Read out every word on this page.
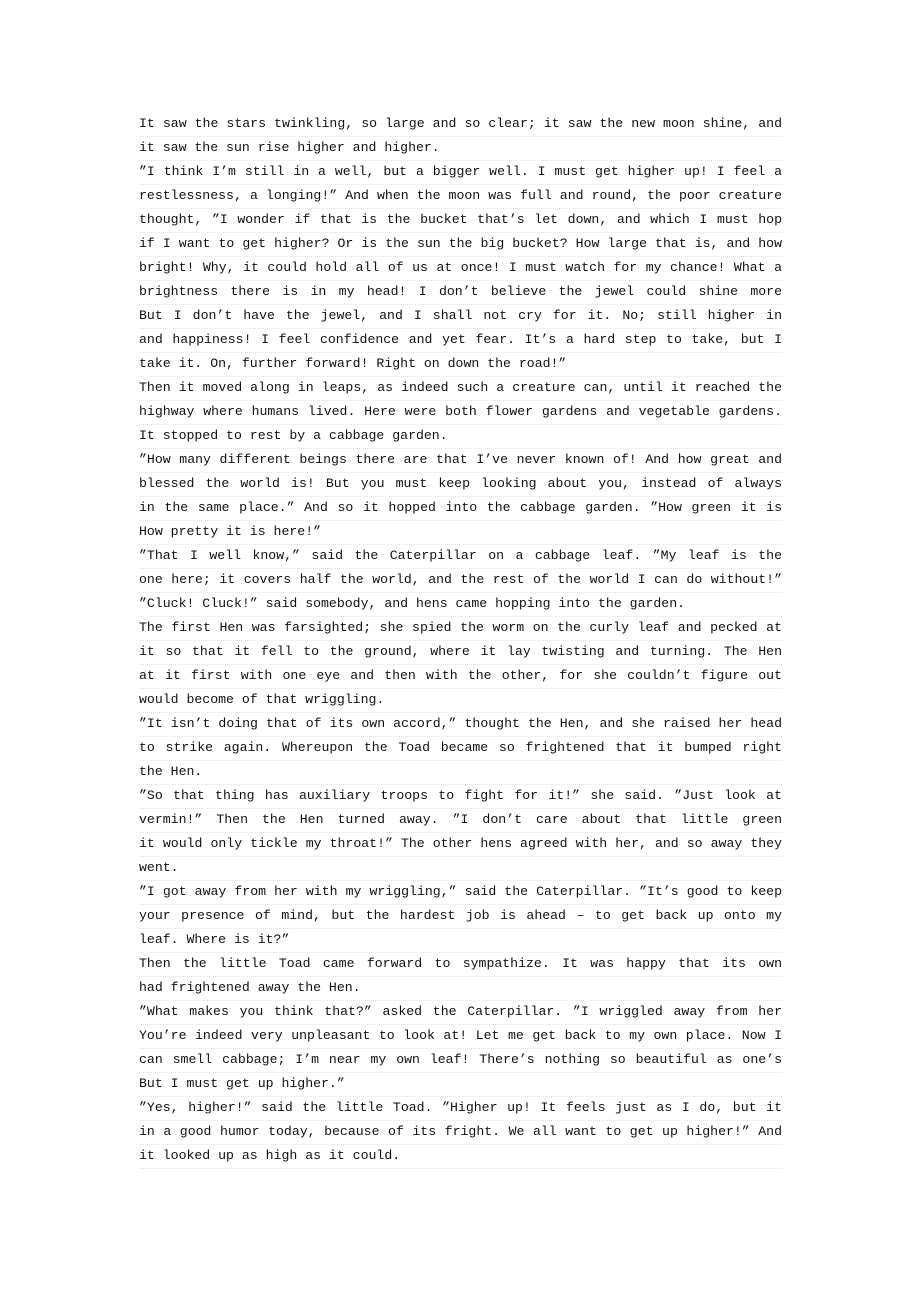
It saw the stars twinkling, so large and so clear; it saw the new moon shine, and
it saw the sun rise higher and higher.
”I think I’m still in a well, but a bigger well. I must get higher up! I feel a
restlessness, a longing!” And when the moon was full and round, the poor creature
thought, ”I wonder if that is the bucket that’s let down, and which I must hop
if I want to get higher? Or is the sun the big bucket? How large that is, and how
bright! Why, it could hold all of us at once! I must watch for my chance! What a
brightness there is in my head! I don’t believe the jewel could shine more
But I don’t have the jewel, and I shall not cry for it. No; still higher in
and happiness! I feel confidence and yet fear. It’s a hard step to take, but I
take it. On, further forward! Right on down the road!”
Then it moved along in leaps, as indeed such a creature can, until it reached the
highway where humans lived. Here were both flower gardens and vegetable gardens.
It stopped to rest by a cabbage garden.
”How many different beings there are that I’ve never known of! And how great and
blessed the world is! But you must keep looking about you, instead of always
in the same place.” And so it hopped into the cabbage garden. ”How green it is
How pretty it is here!”
”That I well know,” said the Caterpillar on a cabbage leaf. ”My leaf is the
one here; it covers half the world, and the rest of the world I can do without!”
”Cluck! Cluck!” said somebody, and hens came hopping into the garden.
The first Hen was farsighted; she spied the worm on the curly leaf and pecked at
it so that it fell to the ground, where it lay twisting and turning. The Hen
at it first with one eye and then with the other, for she couldn’t figure out
would become of that wriggling.
”It isn’t doing that of its own accord,” thought the Hen, and she raised her head
to strike again. Whereupon the Toad became so frightened that it bumped right
the Hen.
”So that thing has auxiliary troops to fight for it!” she said. ”Just look at
vermin!” Then the Hen turned away. ”I don’t care about that little green
it would only tickle my throat!” The other hens agreed with her, and so away they
went.
”I got away from her with my wriggling,” said the Caterpillar. ”It’s good to keep
your presence of mind, but the hardest job is ahead – to get back up onto my
leaf. Where is it?”
Then the little Toad came forward to sympathize. It was happy that its own
had frightened away the Hen.
”What makes you think that?” asked the Caterpillar. ”I wriggled away from her
You’re indeed very unpleasant to look at! Let me get back to my own place. Now I
can smell cabbage; I’m near my own leaf! There’s nothing so beautiful as one’s
But I must get up higher.”
”Yes, higher!” said the little Toad. ”Higher up! It feels just as I do, but it
in a good humor today, because of its fright. We all want to get up higher!” And
it looked up as high as it could.
